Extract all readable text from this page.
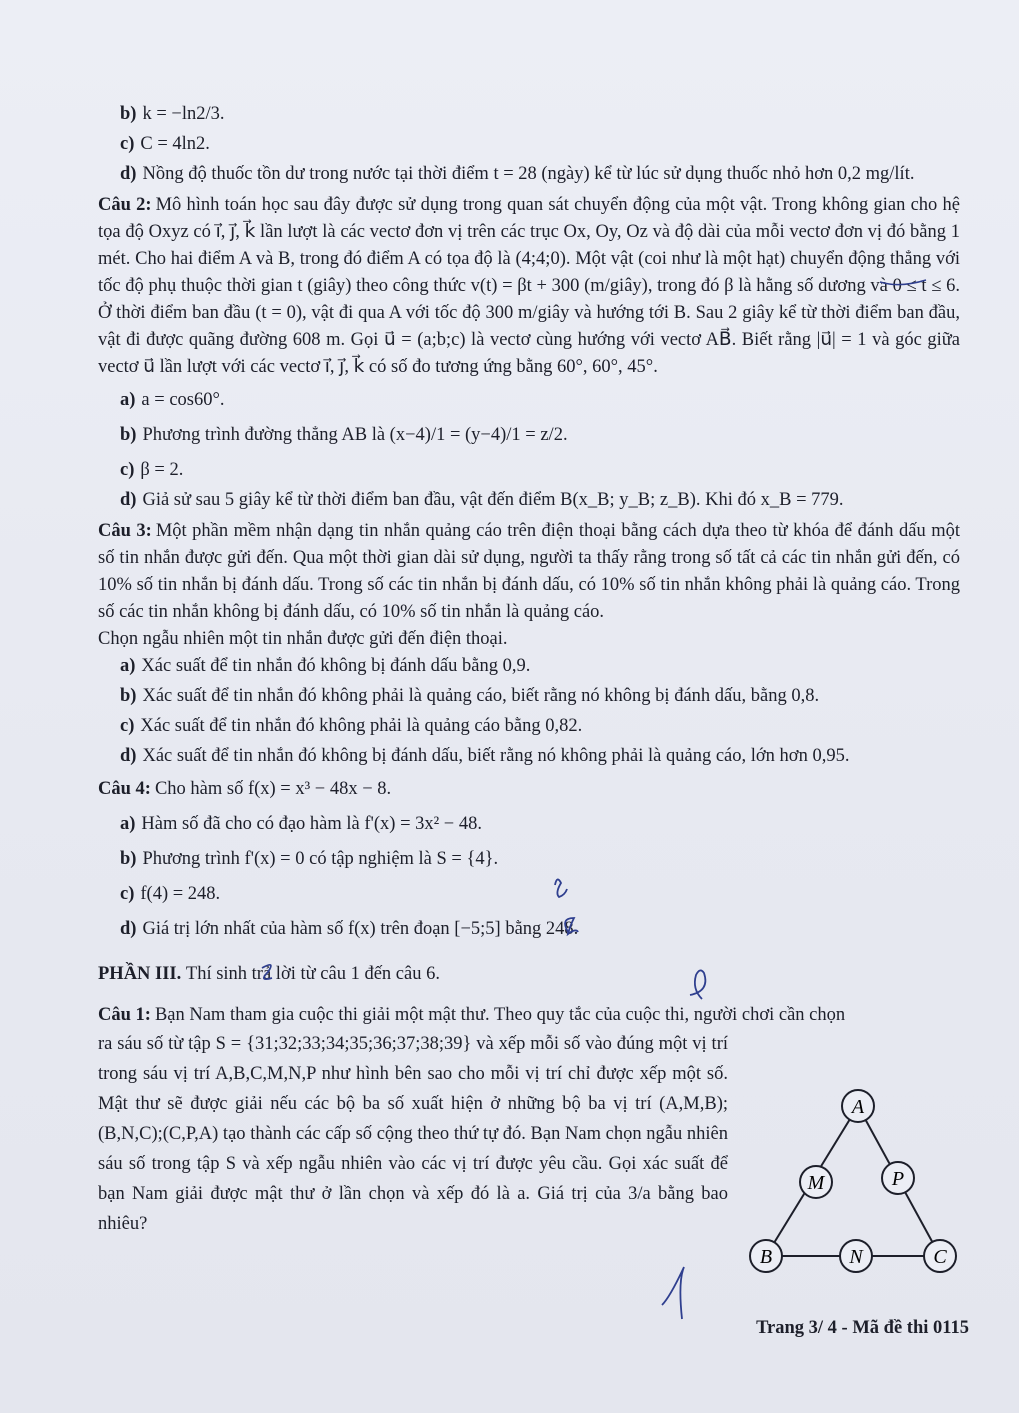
b) k = −ln2/3.
c) C = 4ln2.
d) Nồng độ thuốc tồn dư trong nước tại thời điểm t = 28 (ngày) kể từ lúc sử dụng thuốc nhỏ hơn 0,2 mg/lít.
Câu 2: Mô hình toán học sau đây được sử dụng trong quan sát chuyển động của một vật. Trong không gian cho hệ tọa độ Oxyz có i⃗, j⃗, k⃗ lần lượt là các vectơ đơn vị trên các trục Ox, Oy, Oz và độ dài của mỗi vectơ đơn vị đó bằng 1 mét. Cho hai điểm A và B, trong đó điểm A có tọa độ là (4;4;0). Một vật (coi như là một hạt) chuyển động thẳng với tốc độ phụ thuộc thời gian t (giây) theo công thức v(t) = βt + 300 (m/giây), trong đó β là hằng số dương và 0 ≤ t ≤ 6. Ở thời điểm ban đầu (t = 0), vật đi qua A với tốc độ 300 m/giây và hướng tới B. Sau 2 giây kể từ thời điểm ban đầu, vật đi được quãng đường 608 m. Gọi u⃗ = (a;b;c) là vectơ cùng hướng với vectơ AB⃗. Biết rằng |u⃗| = 1 và góc giữa vectơ u⃗ lần lượt với các vectơ i⃗, j⃗, k⃗ có số đo tương ứng bằng 60°, 60°, 45°.
a) a = cos60°.
b) Phương trình đường thẳng AB là (x−4)/1 = (y−4)/1 = z/2.
c) β = 2.
d) Giả sử sau 5 giây kể từ thời điểm ban đầu, vật đến điểm B(x_B; y_B; z_B). Khi đó x_B = 779.
Câu 3: Một phần mềm nhận dạng tin nhắn quảng cáo trên điện thoại bằng cách dựa theo từ khóa để đánh dấu một số tin nhắn được gửi đến. Qua một thời gian dài sử dụng, người ta thấy rằng trong số tất cả các tin nhắn gửi đến, có 10% số tin nhắn bị đánh dấu. Trong số các tin nhắn bị đánh dấu, có 10% số tin nhắn không phải là quảng cáo. Trong số các tin nhắn không bị đánh dấu, có 10% số tin nhắn là quảng cáo.
Chọn ngẫu nhiên một tin nhắn được gửi đến điện thoại.
a) Xác suất để tin nhắn đó không bị đánh dấu bằng 0,9.
b) Xác suất để tin nhắn đó không phải là quảng cáo, biết rằng nó không bị đánh dấu, bằng 0,8.
c) Xác suất để tin nhắn đó không phải là quảng cáo bằng 0,82.
d) Xác suất để tin nhắn đó không bị đánh dấu, biết rằng nó không phải là quảng cáo, lớn hơn 0,95.
Câu 4: Cho hàm số f(x) = x³ − 48x − 8.
a) Hàm số đã cho có đạo hàm là f'(x) = 3x² − 48.
b) Phương trình f'(x) = 0 có tập nghiệm là S = {4}.
c) f(4) = 248.
d) Giá trị lớn nhất của hàm số f(x) trên đoạn [−5;5] bằng 248.
PHẦN III. Thí sinh trả lời từ câu 1 đến câu 6.
Câu 1: Bạn Nam tham gia cuộc thi giải một mật thư. Theo quy tắc của cuộc thi, người chơi cần chọn
ra sáu số từ tập S = {31;32;33;34;35;36;37;38;39} và xếp mỗi số vào đúng một vị trí trong sáu vị trí A,B,C,M,N,P như hình bên sao cho mỗi vị trí chỉ được xếp một số. Mật thư sẽ được giải nếu các bộ ba số xuất hiện ở những bộ ba vị trí (A,M,B);(B,N,C);(C,P,A) tạo thành các cấp số cộng theo thứ tự đó. Bạn Nam chọn ngẫu nhiên sáu số trong tập S và xếp ngẫu nhiên vào các vị trí được yêu cầu. Gọi xác suất để bạn Nam giải được mật thư ở lần chọn và xếp đó là a. Giá trị của 3/a bằng bao nhiêu?
A
M	P
B	N	C
Trang 3/ 4 - Mã đề thi 0115
